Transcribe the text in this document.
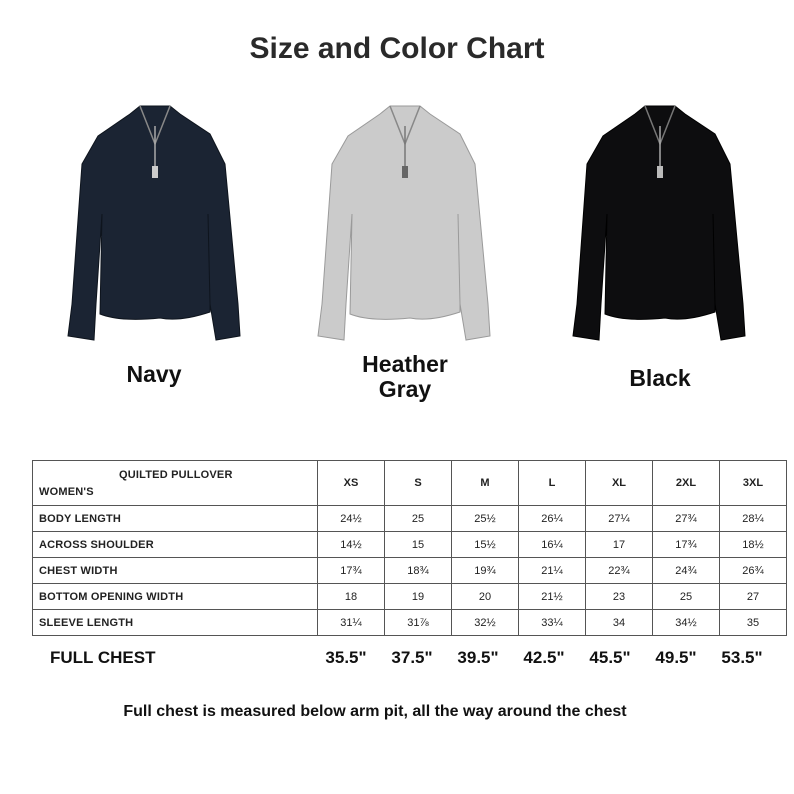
Size and Color Chart
Navy	Heather Gray	Black
QUILTED PULLOVER
WOMEN'S	XS	S	M	L	XL	2XL	3XL
BODY LENGTH	24½	25	25½	26¼	27¼	27¾	28¼
ACROSS SHOULDER	14½	15	15½	16¼	17	17¾	18½
CHEST WIDTH	17¾	18¾	19¾	21¼	22¾	24¾	26¾
BOTTOM OPENING WIDTH	18	19	20	21½	23	25	27
SLEEVE LENGTH	31¼	31⅞	32½	33¼	34	34½	35
FULL CHEST	35.5"	37.5"	39.5"	42.5"	45.5"	49.5"	53.5"
Full chest is measured below arm pit, all the way around the chest
